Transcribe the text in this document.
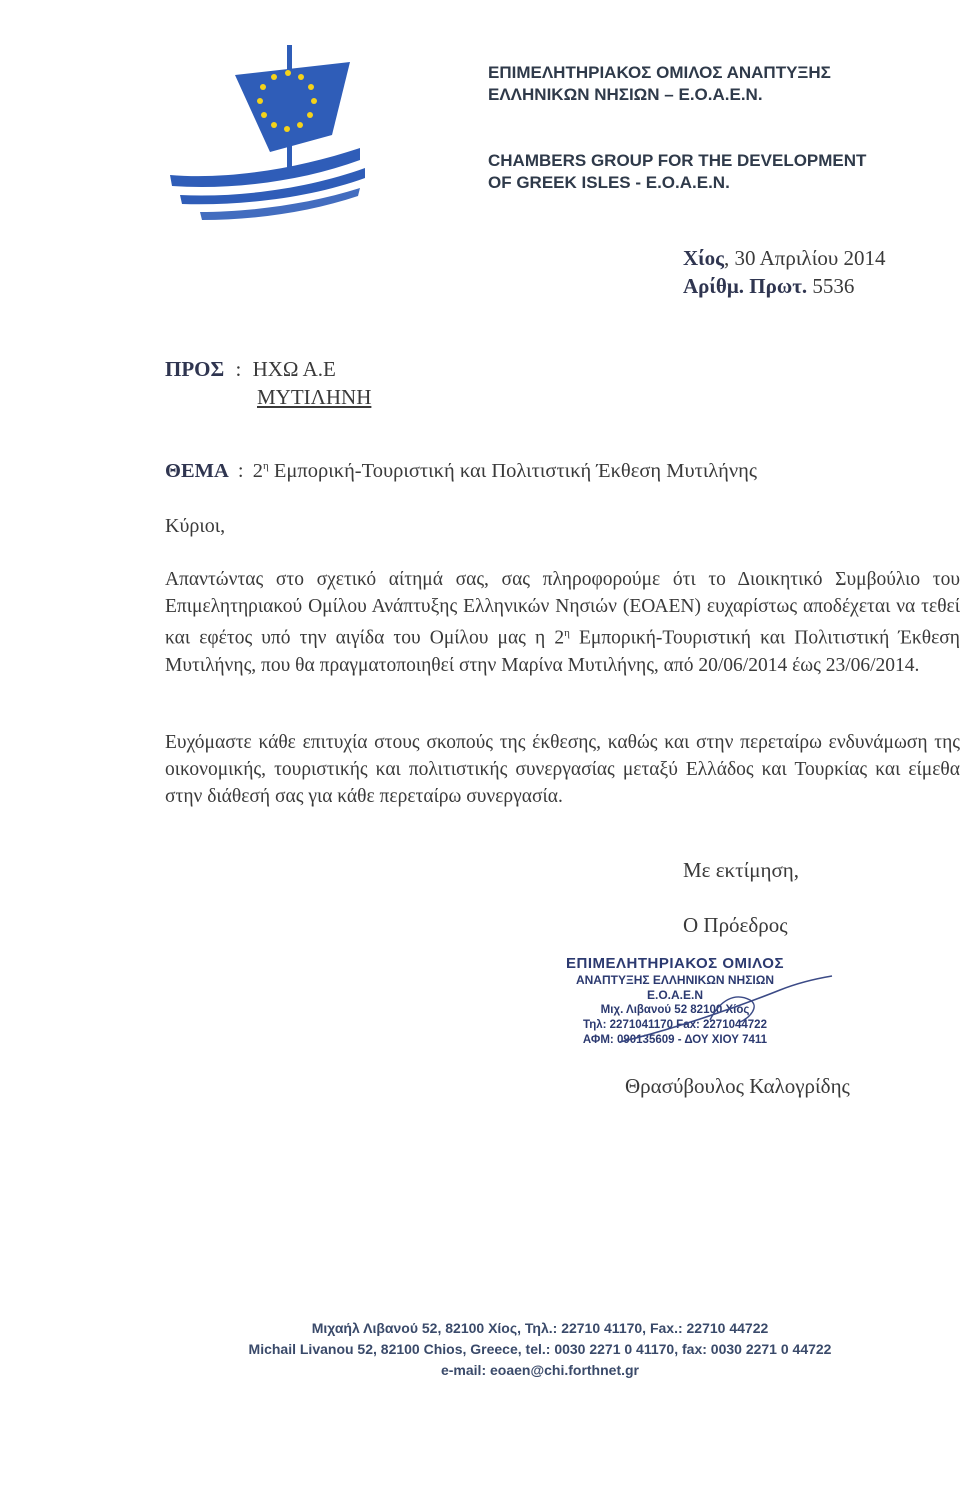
ΕΠΙΜΕΛΗΤΗΡΙΑΚΟΣ ΟΜΙΛΟΣ ΑΝΑΠΤΥΞΗΣ
ΕΛΛΗΝΙΚΩΝ ΝΗΣΙΩΝ – Ε.Ο.Α.Ε.Ν.
CHAMBERS GROUP FOR THE DEVELOPMENT
OF GREEK ISLES - E.O.A.E.N.
Χίος, 30 Απριλίου 2014
Αρίθμ. Πρωτ. 5536
ΠΡΟΣ : ΗΧΩ Α.Ε
ΜΥΤΙΛΗΝΗ
ΘΕΜΑ : $2^\eta$ Εμπορική-Τουριστική και Πολιτιστική Έκθεση Μυτιλήνης
Κύριοι,
Απαντώντας στο σχετικό αίτημά σας, σας πληροφορούμε ότι το Διοικητικό Συμβούλιο του Επιμελητηριακού Ομίλου Ανάπτυξης Ελληνικών Νησιών (ΕΟΑΕΝ) ευχαρίστως αποδέχεται να τεθεί και εφέτος υπό την αιγίδα του Ομίλου μας η $2^\eta$ Εμπορική-Τουριστική και Πολιτιστική Έκθεση Μυτιλήνης, που θα πραγματοποιηθεί στην Μαρίνα Μυτιλήνης, από 20/06/2014 έως 23/06/2014.
Ευχόμαστε κάθε επιτυχία στους σκοπούς της έκθεσης, καθώς και στην περεταίρω ενδυνάμωση της οικονομικής, τουριστικής και πολιτιστικής συνεργασίας μεταξύ Ελλάδος και Τουρκίας και είμεθα στην διάθεσή σας για κάθε περεταίρω συνεργασία.
Με εκτίμηση,
Ο Πρόεδρος
ΕΠΙΜΕΛΗΤΗΡΙΑΚΟΣ ΟΜΙΛΟΣ
ΑΝΑΠΤΥΞΗΣ ΕΛΛΗΝΙΚΩΝ ΝΗΣΙΩΝ
Ε.Ο.Α.Ε.Ν
Μιχ. Λιβανού 52 82100 Χίος
Τηλ: 2271041170 Fax: 2271044722
ΑΦΜ: 090135609 - ΔΟΥ ΧΙΟΥ 7411
Θρασύβουλος Καλογρίδης
Μιχαήλ Λιβανού 52, 82100 Χίος, Τηλ.: 22710 41170, Fax.: 22710 44722
Michail Livanou 52, 82100 Chios, Greece, tel.: 0030 2271 0 41170, fax: 0030 2271 0 44722
e-mail: eoaen@chi.forthnet.gr
